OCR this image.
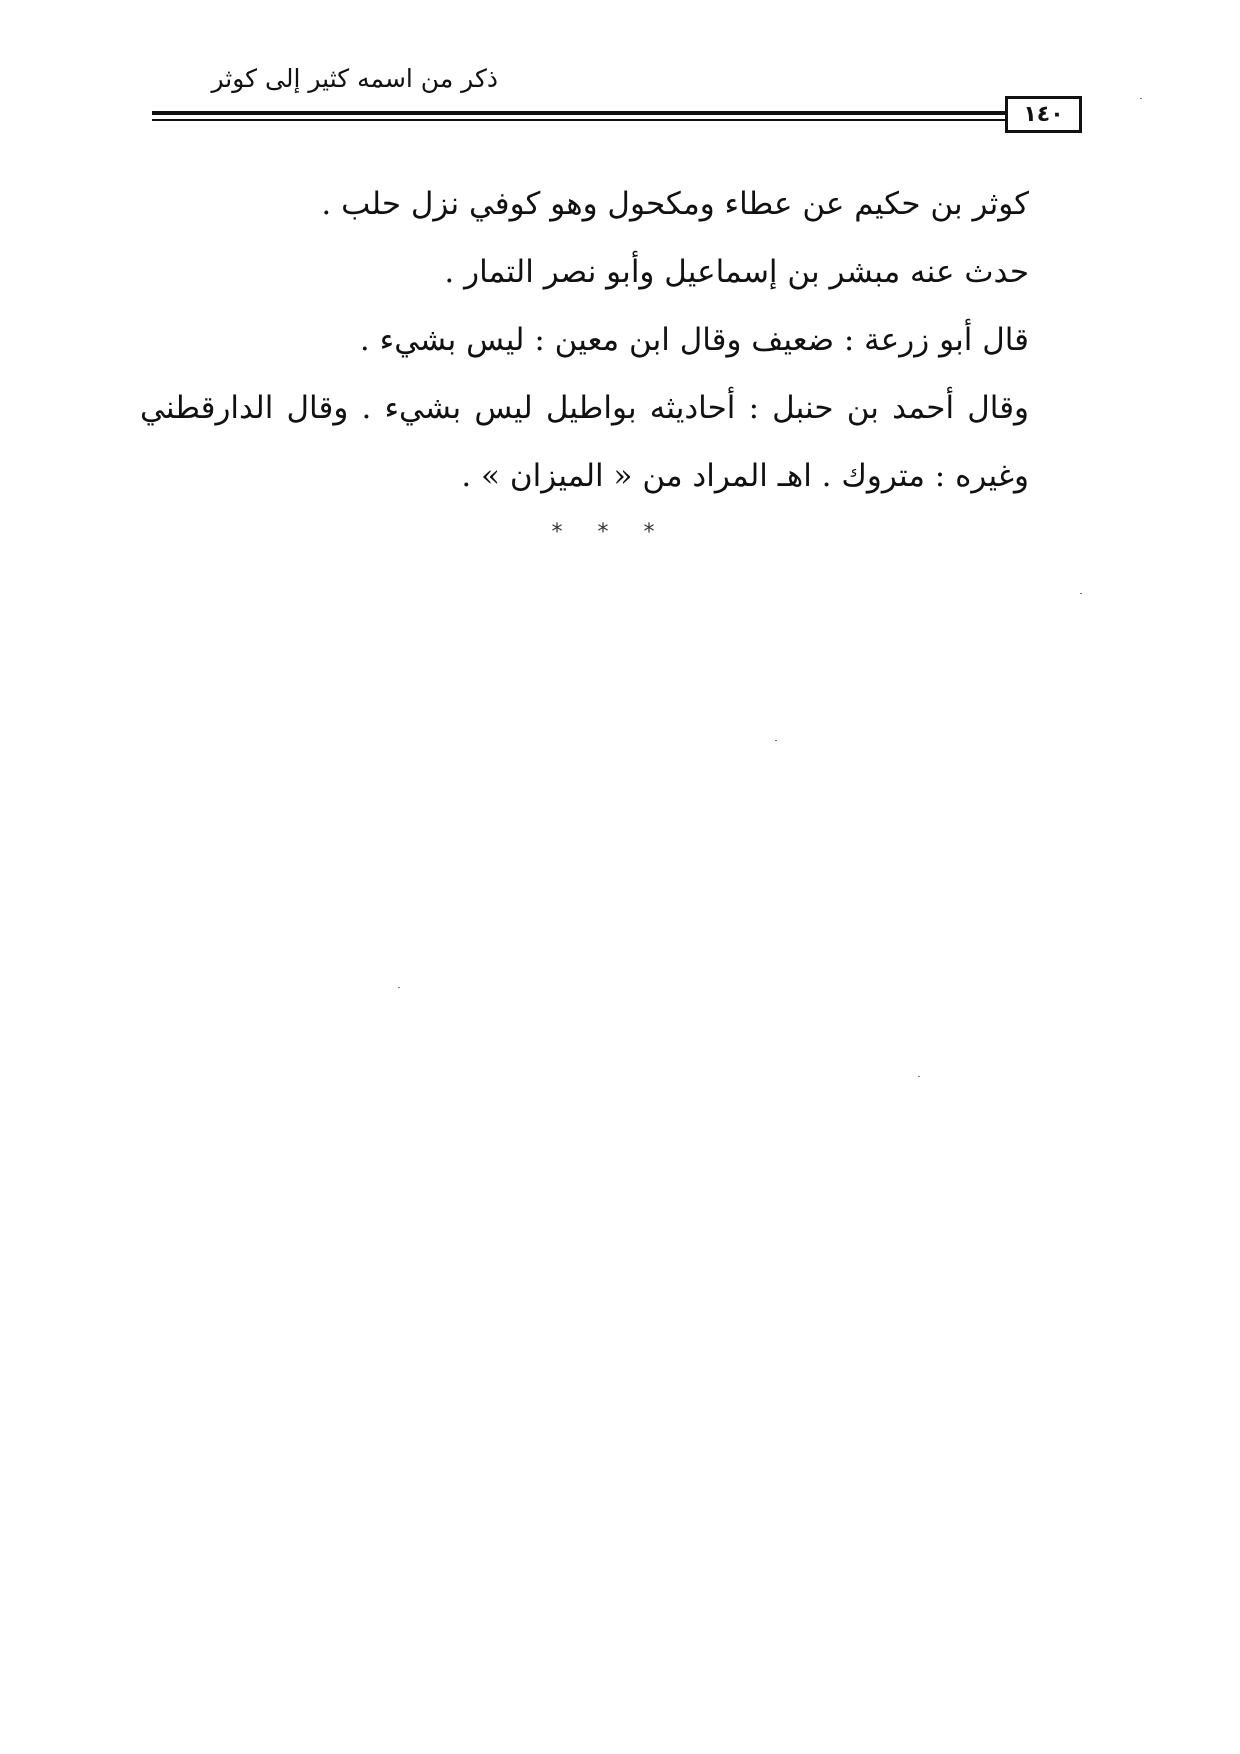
ذكر من اسمه كثير إلى كوثر
١٤٠

كوثر بن حكيم عن عطاء ومكحول وهو كوفي نزل حلب .

حدث عنه مبشر بن إسماعيل وأبو نصر التمار .

قال أبو زرعة : ضعيف وقال ابن معين : ليس بشيء .

وقال أحمد بن حنبل : أحاديثه بواطيل ليس بشيء . وقال الدارقطني وغيره : متروك . اهـ المراد من « الميزان » .

* * *
